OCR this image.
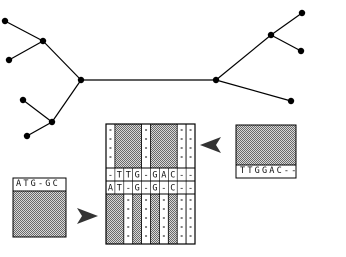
- T T G - G A C - -
A T - G - G - C - -
TTGGAC--
ATG-GC
